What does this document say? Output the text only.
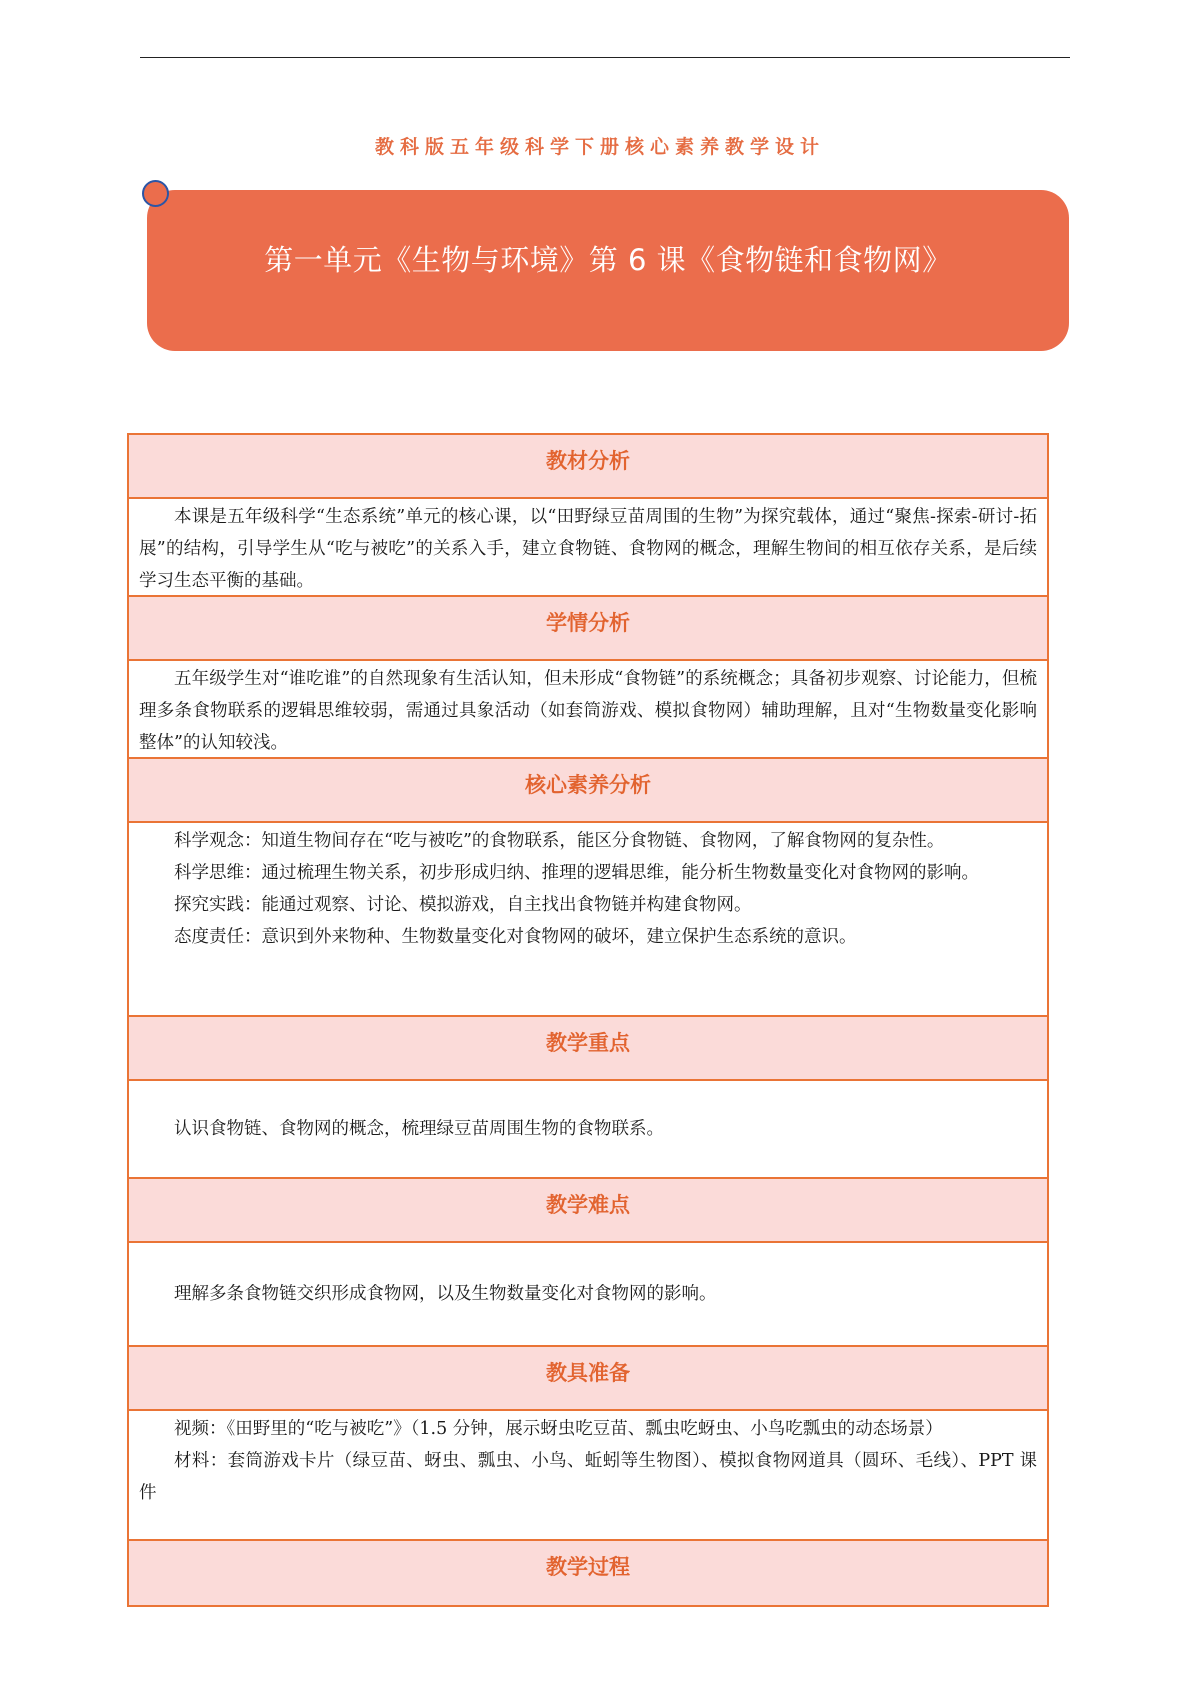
教科版五年级科学下册核心素养教学设计
第一单元《生物与环境》第 6 课《食物链和食物网》
教材分析

本课是五年级科学“生态系统”单元的核心课，以“田野绿豆苗周围的生物”为探究载体，通过“聚焦-探索-研讨-拓展”的结构，引导学生从“吃与被吃”的关系入手，建立食物链、食物网的概念，理解生物间的相互依存关系，是后续学习生态平衡的基础。

学情分析

五年级学生对“谁吃谁”的自然现象有生活认知，但未形成“食物链”的系统概念；具备初步观察、讨论能力，但梳理多条食物联系的逻辑思维较弱，需通过具象活动（如套筒游戏、模拟食物网）辅助理解，且对“生物数量变化影响整体”的认知较浅。

核心素养分析

科学观念：知道生物间存在“吃与被吃”的食物联系，能区分食物链、食物网，了解食物网的复杂性。

科学思维：通过梳理生物关系，初步形成归纳、推理的逻辑思维，能分析生物数量变化对食物网的影响。

探究实践：能通过观察、讨论、模拟游戏，自主找出食物链并构建食物网。

态度责任：意识到外来物种、生物数量变化对食物网的破坏，建立保护生态系统的意识。

教学重点

认识食物链、食物网的概念，梳理绿豆苗周围生物的食物联系。

教学难点

理解多条食物链交织形成食物网，以及生物数量变化对食物网的影响。

教具准备

视频：《田野里的“吃与被吃”》（1.5 分钟，展示蚜虫吃豆苗、瓢虫吃蚜虫、小鸟吃瓢虫的动态场景）

材料：套筒游戏卡片（绿豆苗、蚜虫、瓢虫、小鸟、蚯蚓等生物图）、模拟食物网道具（圆环、毛线）、PPT 课件

教学过程
